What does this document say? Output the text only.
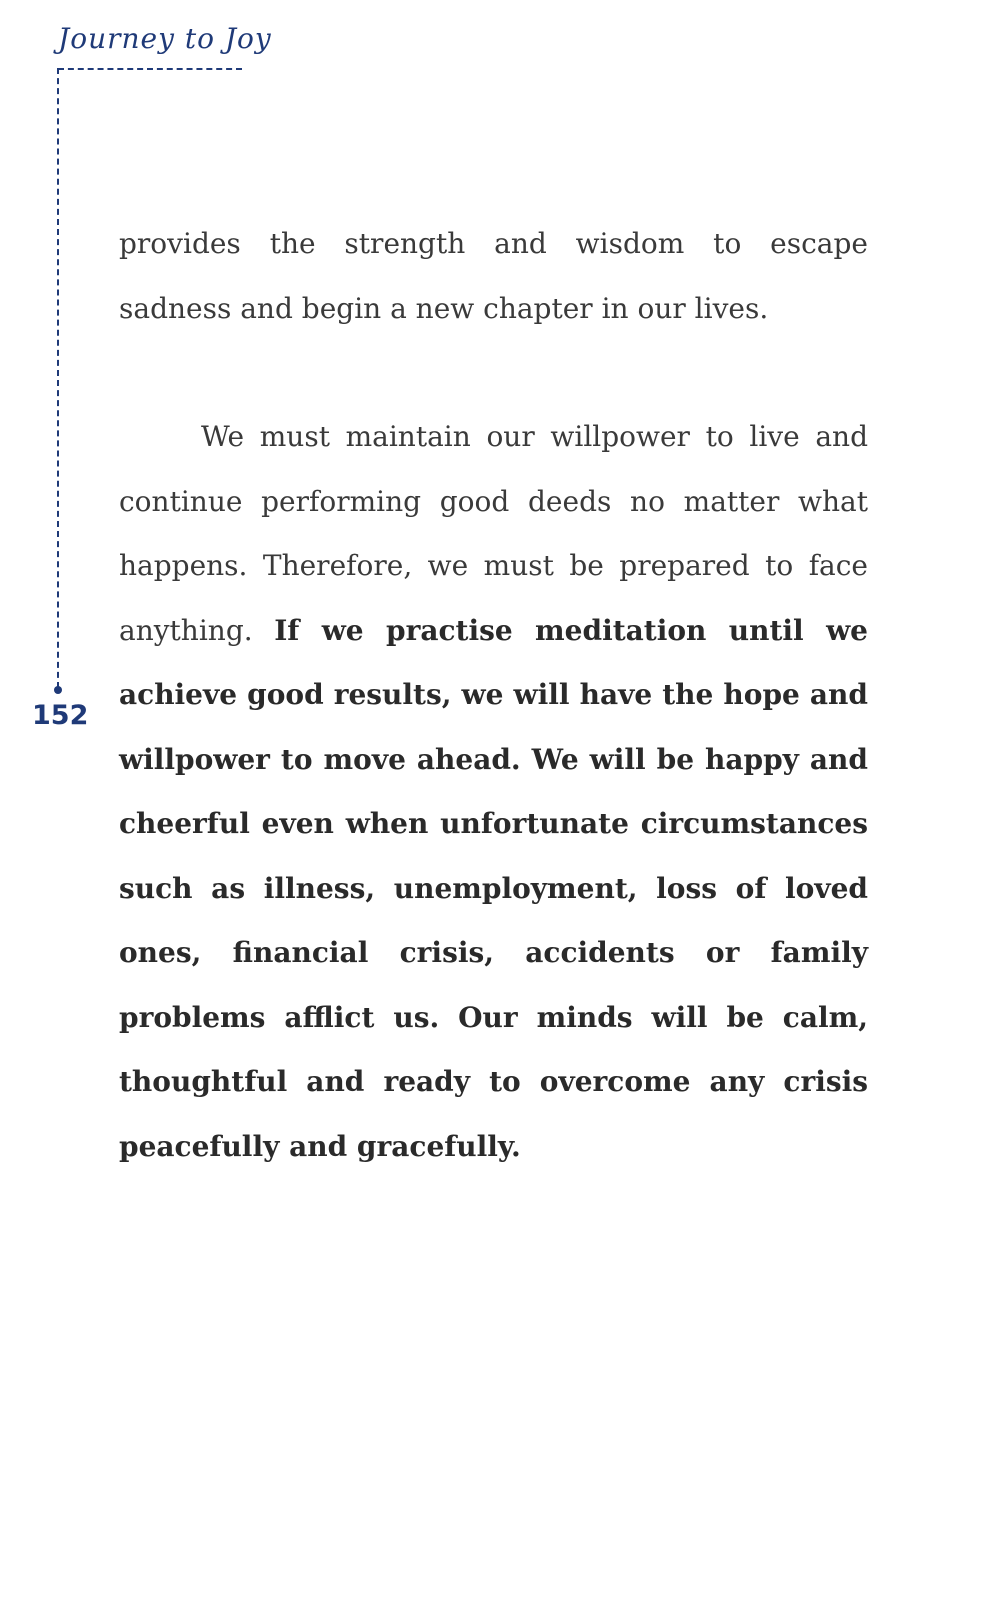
Journey to Joy
152

provides the strength and wisdom to escape sadness and begin a new chapter in our lives.

We must maintain our willpower to live and continue performing good deeds no matter what happens. Therefore, we must be prepared to face anything. If we practise meditation until we achieve good results, we will have the hope and willpower to move ahead. We will be happy and cheerful even when unfortunate circumstances such as illness, unemployment, loss of loved ones, financial crisis, accidents or family problems afflict us. Our minds will be calm, thoughtful and ready to overcome any crisis peacefully and gracefully.
